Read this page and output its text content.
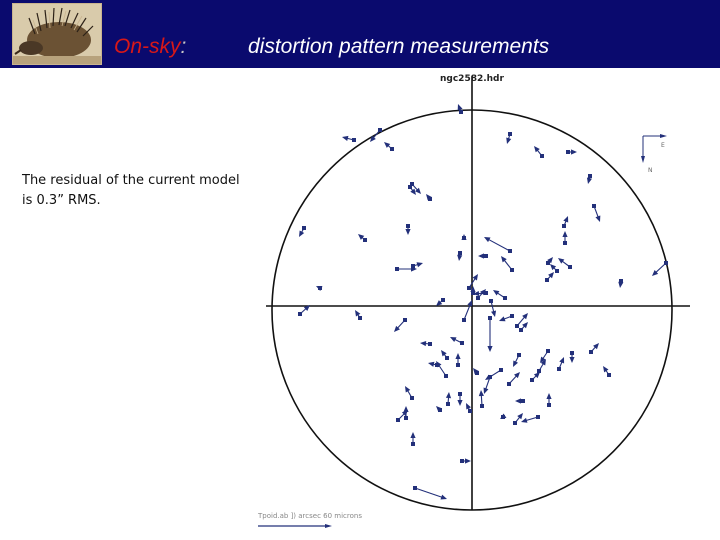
On-sky:	distortion pattern measurements
The residual of the current model
is 0.3” RMS.
ngc2582.hdr
E
N
Tpoid.ab ]) arcsec 60 microns
